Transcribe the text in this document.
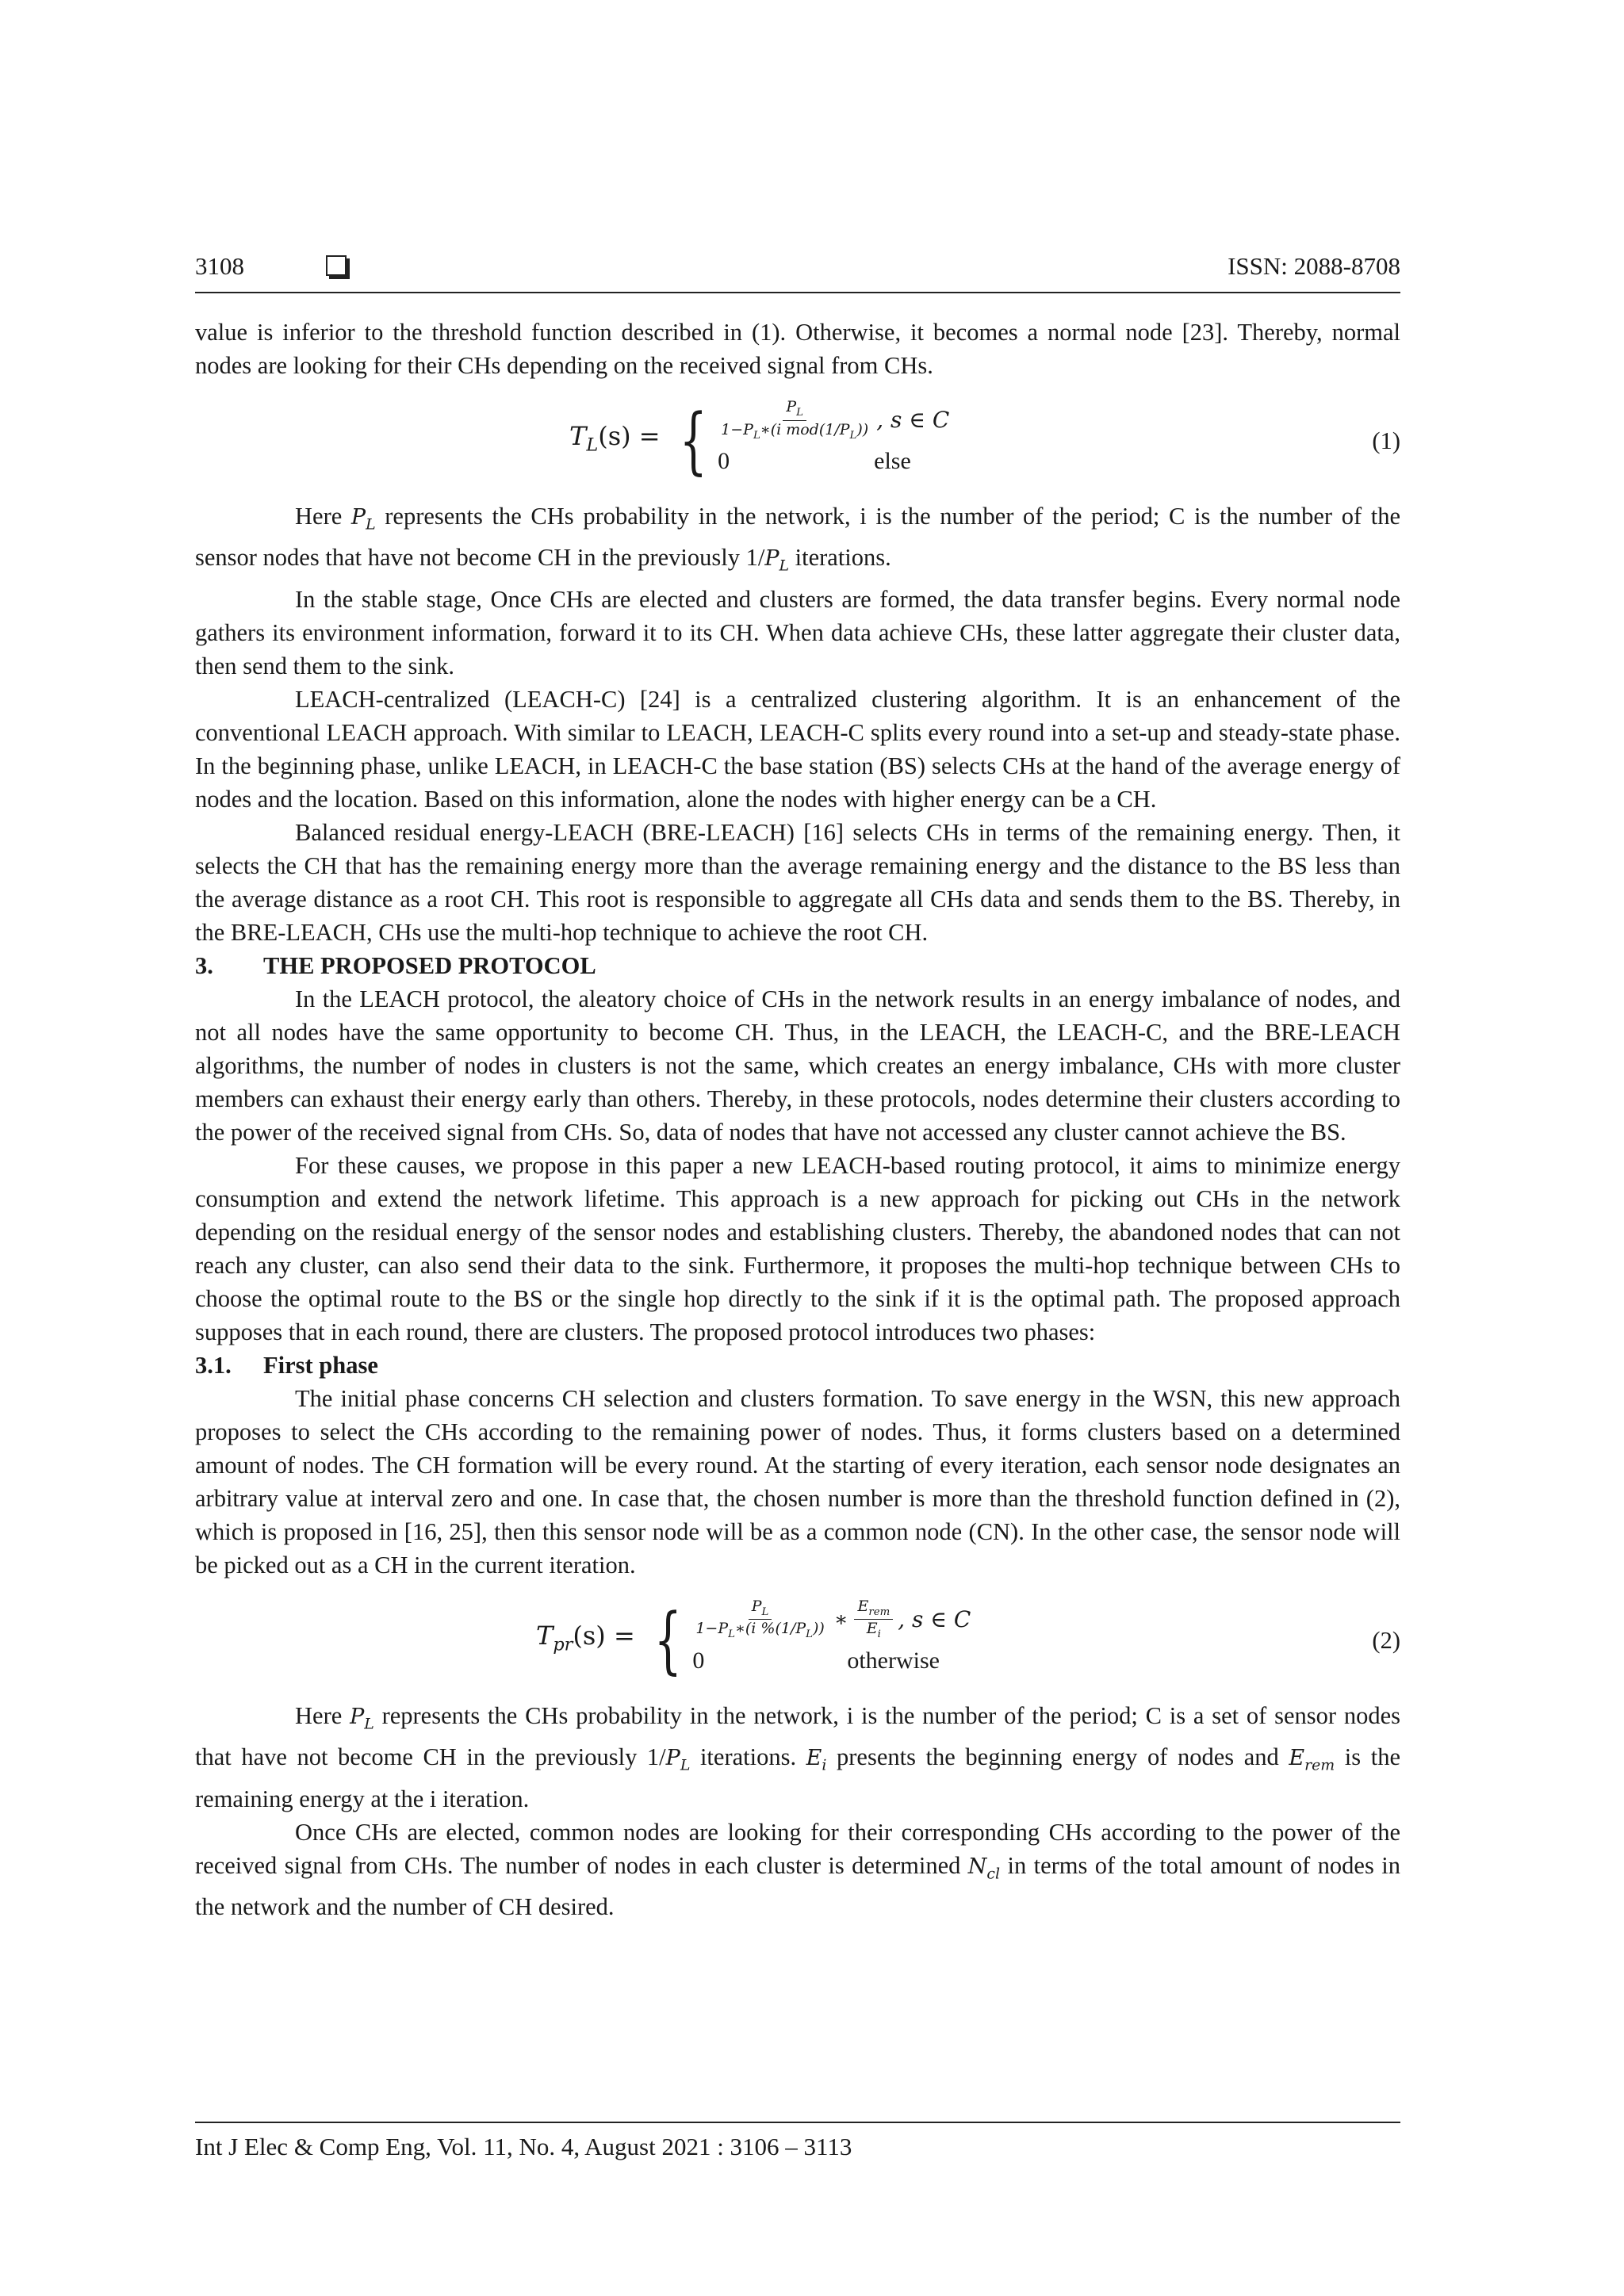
3108	ISSN: 2088-8708

value is inferior to the threshold function described in (1). Otherwise, it becomes a normal node [23]. Thereby, normal nodes are looking for their CHs depending on the received signal from CHs.

$T_L(s)$ = { $\frac{P_L}{1-P_L∗(i mod(1/P_L))}$ , s ∈ C
0	else
(1)

Here $P_L$ represents the CHs probability in the network, i is the number of the period; C is the number of the sensor nodes that have not become CH in the previously $1/P_L$ iterations.

In the stable stage, Once CHs are elected and clusters are formed, the data transfer begins. Every normal node gathers its environment information, forward it to its CH. When data achieve CHs, these latter aggregate their cluster data, then send them to the sink.

LEACH-centralized (LEACH-C) [24] is a centralized clustering algorithm. It is an enhancement of the conventional LEACH approach. With similar to LEACH, LEACH-C splits every round into a set-up and steady-state phase. In the beginning phase, unlike LEACH, in LEACH-C the base station (BS) selects CHs at the hand of the average energy of nodes and the location. Based on this information, alone the nodes with higher energy can be a CH.

Balanced residual energy-LEACH (BRE-LEACH) [16] selects CHs in terms of the remaining energy. Then, it selects the CH that has the remaining energy more than the average remaining energy and the distance to the BS less than the average distance as a root CH. This root is responsible to aggregate all CHs data and sends them to the BS. Thereby, in the BRE-LEACH, CHs use the multi-hop technique to achieve the root CH.

3. THE PROPOSED PROTOCOL

In the LEACH protocol, the aleatory choice of CHs in the network results in an energy imbalance of nodes, and not all nodes have the same opportunity to become CH. Thus, in the LEACH, the LEACH-C, and the BRE-LEACH algorithms, the number of nodes in clusters is not the same, which creates an energy imbalance, CHs with more cluster members can exhaust their energy early than others. Thereby, in these protocols, nodes determine their clusters according to the power of the received signal from CHs. So, data of nodes that have not accessed any cluster cannot achieve the BS.

For these causes, we propose in this paper a new LEACH-based routing protocol, it aims to minimize energy consumption and extend the network lifetime. This approach is a new approach for picking out CHs in the network depending on the residual energy of the sensor nodes and establishing clusters. Thereby, the abandoned nodes that can not reach any cluster, can also send their data to the sink. Furthermore, it proposes the multi-hop technique between CHs to choose the optimal route to the BS or the single hop directly to the sink if it is the optimal path. The proposed approach supposes that in each round, there are clusters. The proposed protocol introduces two phases:

3.1. First phase

The initial phase concerns CH selection and clusters formation. To save energy in the WSN, this new approach proposes to select the CHs according to the remaining power of nodes. Thus, it forms clusters based on a determined amount of nodes. The CH formation will be every round. At the starting of every iteration, each sensor node designates an arbitrary value at interval zero and one. In case that, the chosen number is more than the threshold function defined in (2), which is proposed in [16, 25], then this sensor node will be as a common node (CN). In the other case, the sensor node will be picked out as a CH in the current iteration.

$T_{pr}(s)$ = { $\frac{P_L}{1-P_L∗(i \%(1/P_L))}$ ∗ $\frac{E_{rem}}{E_i}$ , s ∈ C
0	otherwise
(2)

Here $P_L$ represents the CHs probability in the network, i is the number of the period; C is a set of sensor nodes that have not become CH in the previously $1/P_L$ iterations. $E_i$ presents the beginning energy of nodes and $E_{rem}$ is the remaining energy at the i iteration.

Once CHs are elected, common nodes are looking for their corresponding CHs according to the power of the received signal from CHs. The number of nodes in each cluster is determined $N_{cl}$ in terms of the total amount of nodes in the network and the number of CH desired.

Int J Elec & Comp Eng, Vol. 11, No. 4, August 2021 : 3106 – 3113
